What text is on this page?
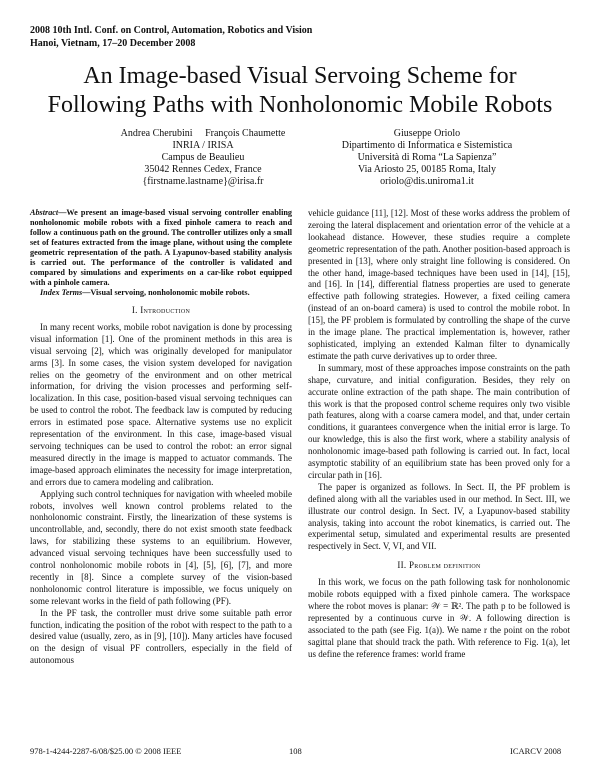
2008 10th Intl. Conf. on Control, Automation, Robotics and Vision
Hanoi, Vietnam, 17–20 December 2008
An Image-based Visual Servoing Scheme for
Following Paths with Nonholonomic Mobile Robots
Andrea Cherubini     François Chaumette
INRIA / IRISA
Campus de Beaulieu
35042 Rennes Cedex, France
{firstname.lastname}@irisa.fr
Giuseppe Oriolo
Dipartimento di Informatica e Sistemistica
Università di Roma “La Sapienza”
Via Ariosto 25, 00185 Roma, Italy
oriolo@dis.uniroma1.it
Abstract—We present an image-based visual servoing controller enabling nonholonomic mobile robots with a fixed pinhole camera to reach and follow a continuous path on the ground. The controller utilizes only a small set of features extracted from the image plane, without using the complete geometric representation of the path. A Lyapunov-based stability analysis is carried out. The performance of the controller is validated and compared by simulations and experiments on a car-like robot equipped with a pinhole camera.
Index Terms—Visual servoing, nonholonomic mobile robots.
I. Introduction

In many recent works, mobile robot navigation is done by processing visual information [1]. One of the prominent methods in this area is visual servoing [2], which was originally developed for manipulator arms [3]. In some cases, the vision system developed for navigation relies on the geometry of the environment and on other metrical information, for driving the vision processes and performing self-localization. In this case, position-based visual servoing techniques can be used to control the robot. The feedback law is computed by reducing errors in estimated pose space. Alternative systems use no explicit representation of the environment. In this case, image-based visual servoing techniques can be used to control the robot: an error signal measured directly in the image is mapped to actuator commands. The image-based approach eliminates the necessity for image interpretation, and errors due to camera modeling and calibration.

Applying such control techniques for navigation with wheeled mobile robots, involves well known control problems related to the nonholonomic constraint. Firstly, the linearization of these systems is uncontrollable, and, secondly, there do not exist smooth state feedback laws, for stabilizing these systems to an equilibrium. However, advanced visual servoing techniques have been successfully used to control nonholonomic mobile robots in [4], [5], [6], [7], and more recently in [8]. Since a complete survey of the vision-based nonholonomic control literature is impossible, we focus uniquely on some relevant works in the field of path following (PF).

In the PF task, the controller must drive some suitable path error function, indicating the position of the robot with respect to the path to a desired value (usually, zero, as in [9], [10]). Many articles have focused on the design of visual PF controllers, especially in the field of autonomous

vehicle guidance [11], [12]. Most of these works address the problem of zeroing the lateral displacement and orientation error of the vehicle at a lookahead distance. However, these studies require a complete geometric representation of the path. Another position-based approach is presented in [13], where only straight line following is considered. On the other hand, image-based techniques have been used in [14], [15], and [16]. In [14], differential flatness properties are used to generate effective path following strategies. However, a fixed ceiling camera (instead of an on-board camera) is used to control the mobile robot. In [15], the PF problem is formulated by controlling the shape of the curve in the image plane. The practical implementation is, however, rather sophisticated, implying an extended Kalman filter to dynamically estimate the path curve derivatives up to order three.

In summary, most of these approaches impose constraints on the path shape, curvature, and initial configuration. Besides, they rely on accurate online extraction of the path shape. The main contribution of this work is that the proposed control scheme requires only two visible path features, along with a coarse camera model, and that, under certain conditions, it guarantees convergence when the initial error is large. To our knowledge, this is also the first work, where a stability analysis of nonholonomic image-based path following is carried out. In fact, local asymptotic stability of an equilibrium state has been proved only for a circular path in [16].

The paper is organized as follows. In Sect. II, the PF problem is defined along with all the variables used in our method. In Sect. III, we illustrate our control design. In Sect. IV, a Lyapunov-based stability analysis, taking into account the robot kinematics, is carried out. The experimental setup, simulated and experimental results are presented respectively in Sect. V, VI, and VII.

II. Problem definition

In this work, we focus on the path following task for nonholonomic mobile robots equipped with a fixed pinhole camera. The workspace where the robot moves is planar: 𝒲 = ℝ². The path p to be followed is represented by a continuous curve in 𝒲. A following direction is associated to the path (see Fig. 1(a)). We name r the point on the robot sagittal plane that should track the path. With reference to Fig. 1(a), let us define the reference frames: world frame

978-1-4244-2287-6/08/$25.00 © 2008 IEEE	108	ICARCV 2008
